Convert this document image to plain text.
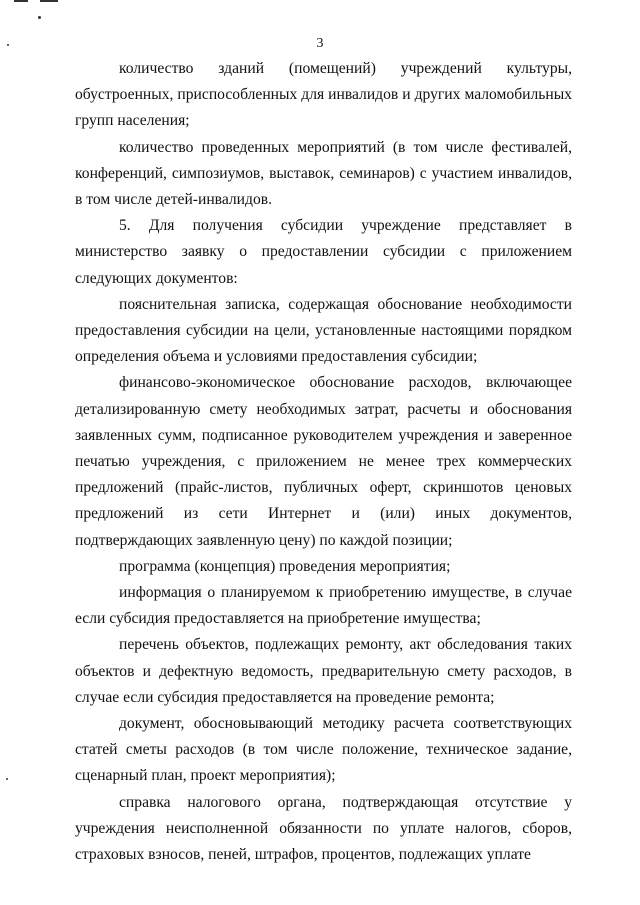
3

количество зданий (помещений) учреждений культуры, обустроенных, приспособленных для инвалидов и других маломобильных групп населения;

количество проведенных мероприятий (в том числе фестивалей, конференций, симпозиумов, выставок, семинаров) с участием инвалидов, в том числе детей-инвалидов.

5. Для получения субсидии учреждение представляет в министерство заявку о предоставлении субсидии с приложением следующих документов:

пояснительная записка, содержащая обоснование необходимости предоставления субсидии на цели, установленные настоящими порядком определения объема и условиями предоставления субсидии;

финансово-экономическое обоснование расходов, включающее детализированную смету необходимых затрат, расчеты и обоснования заявленных сумм, подписанное руководителем учреждения и заверенное печатью учреждения, с приложением не менее трех коммерческих предложений (прайс-листов, публичных оферт, скриншотов ценовых предложений из сети Интернет и (или) иных документов, подтверждающих заявленную цену) по каждой позиции;

программа (концепция) проведения мероприятия;

информация о планируемом к приобретению имуществе, в случае если субсидия предоставляется на приобретение имущества;

перечень объектов, подлежащих ремонту, акт обследования таких объектов и дефектную ведомость, предварительную смету расходов, в случае если субсидия предоставляется на проведение ремонта;

документ, обосновывающий методику расчета соответствующих статей сметы расходов (в том числе положение, техническое задание, сценарный план, проект мероприятия);

справка налогового органа, подтверждающая отсутствие у учреждения неисполненной обязанности по уплате налогов, сборов, страховых взносов, пеней, штрафов, процентов, подлежащих уплате
